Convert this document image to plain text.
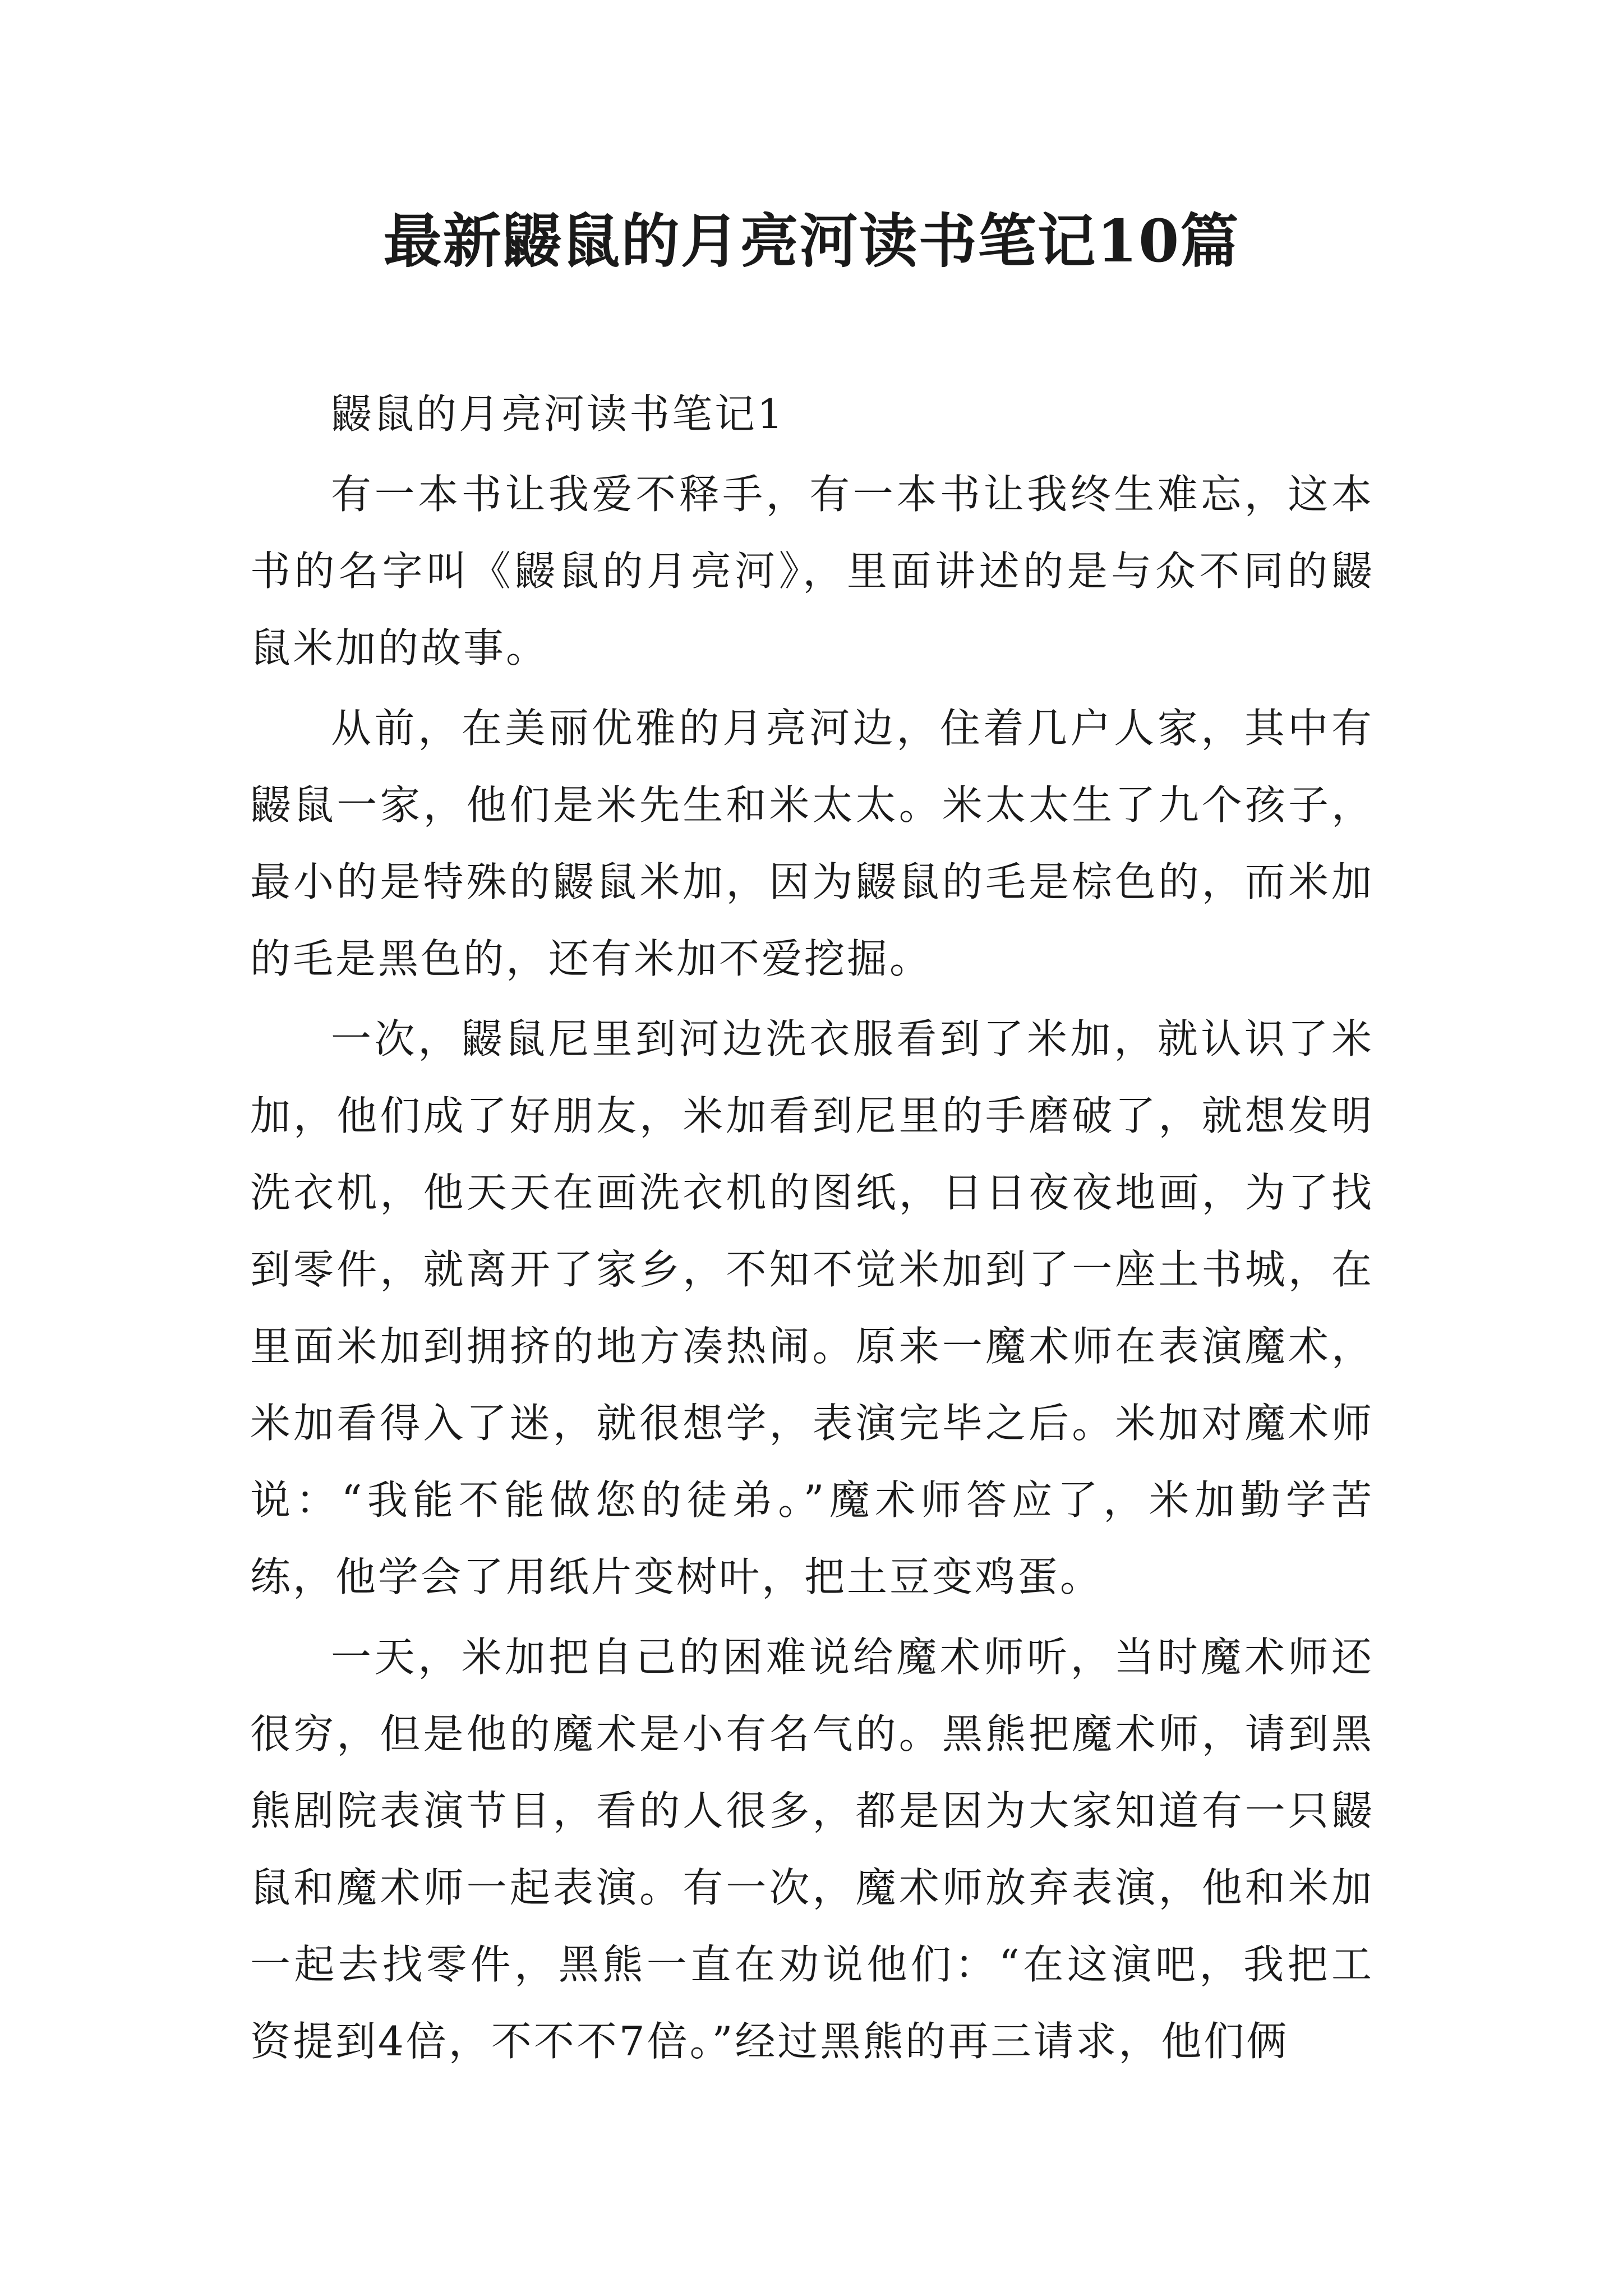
最新鼹鼠的月亮河读书笔记10篇

鼹鼠的月亮河读书笔记1

有一本书让我爱不释手，有一本书让我终生难忘，这本书的名字叫《鼹鼠的月亮河》，里面讲述的是与众不同的鼹鼠米加的故事。

从前，在美丽优雅的月亮河边，住着几户人家，其中有鼹鼠一家，他们是米先生和米太太。米太太生了九个孩子，最小的是特殊的鼹鼠米加，因为鼹鼠的毛是棕色的，而米加的毛是黑色的，还有米加不爱挖掘。

一次，鼹鼠尼里到河边洗衣服看到了米加，就认识了米加，他们成了好朋友，米加看到尼里的手磨破了，就想发明洗衣机，他天天在画洗衣机的图纸，日日夜夜地画，为了找到零件，就离开了家乡，不知不觉米加到了一座土书城，在里面米加到拥挤的地方凑热闹。原来一魔术师在表演魔术，米加看得入了迷，就很想学，表演完毕之后。米加对魔术师说：“我能不能做您的徒弟。”魔术师答应了，米加勤学苦练，他学会了用纸片变树叶，把土豆变鸡蛋。

一天，米加把自己的困难说给魔术师听，当时魔术师还很穷，但是他的魔术是小有名气的。黑熊把魔术师，请到黑熊剧院表演节目，看的人很多，都是因为大家知道有一只鼹鼠和魔术师一起表演。有一次，魔术师放弃表演，他和米加一起去找零件，黑熊一直在劝说他们：“在这演吧，我把工资提到4倍，不不不7倍。”经过黑熊的再三请求，他们俩
